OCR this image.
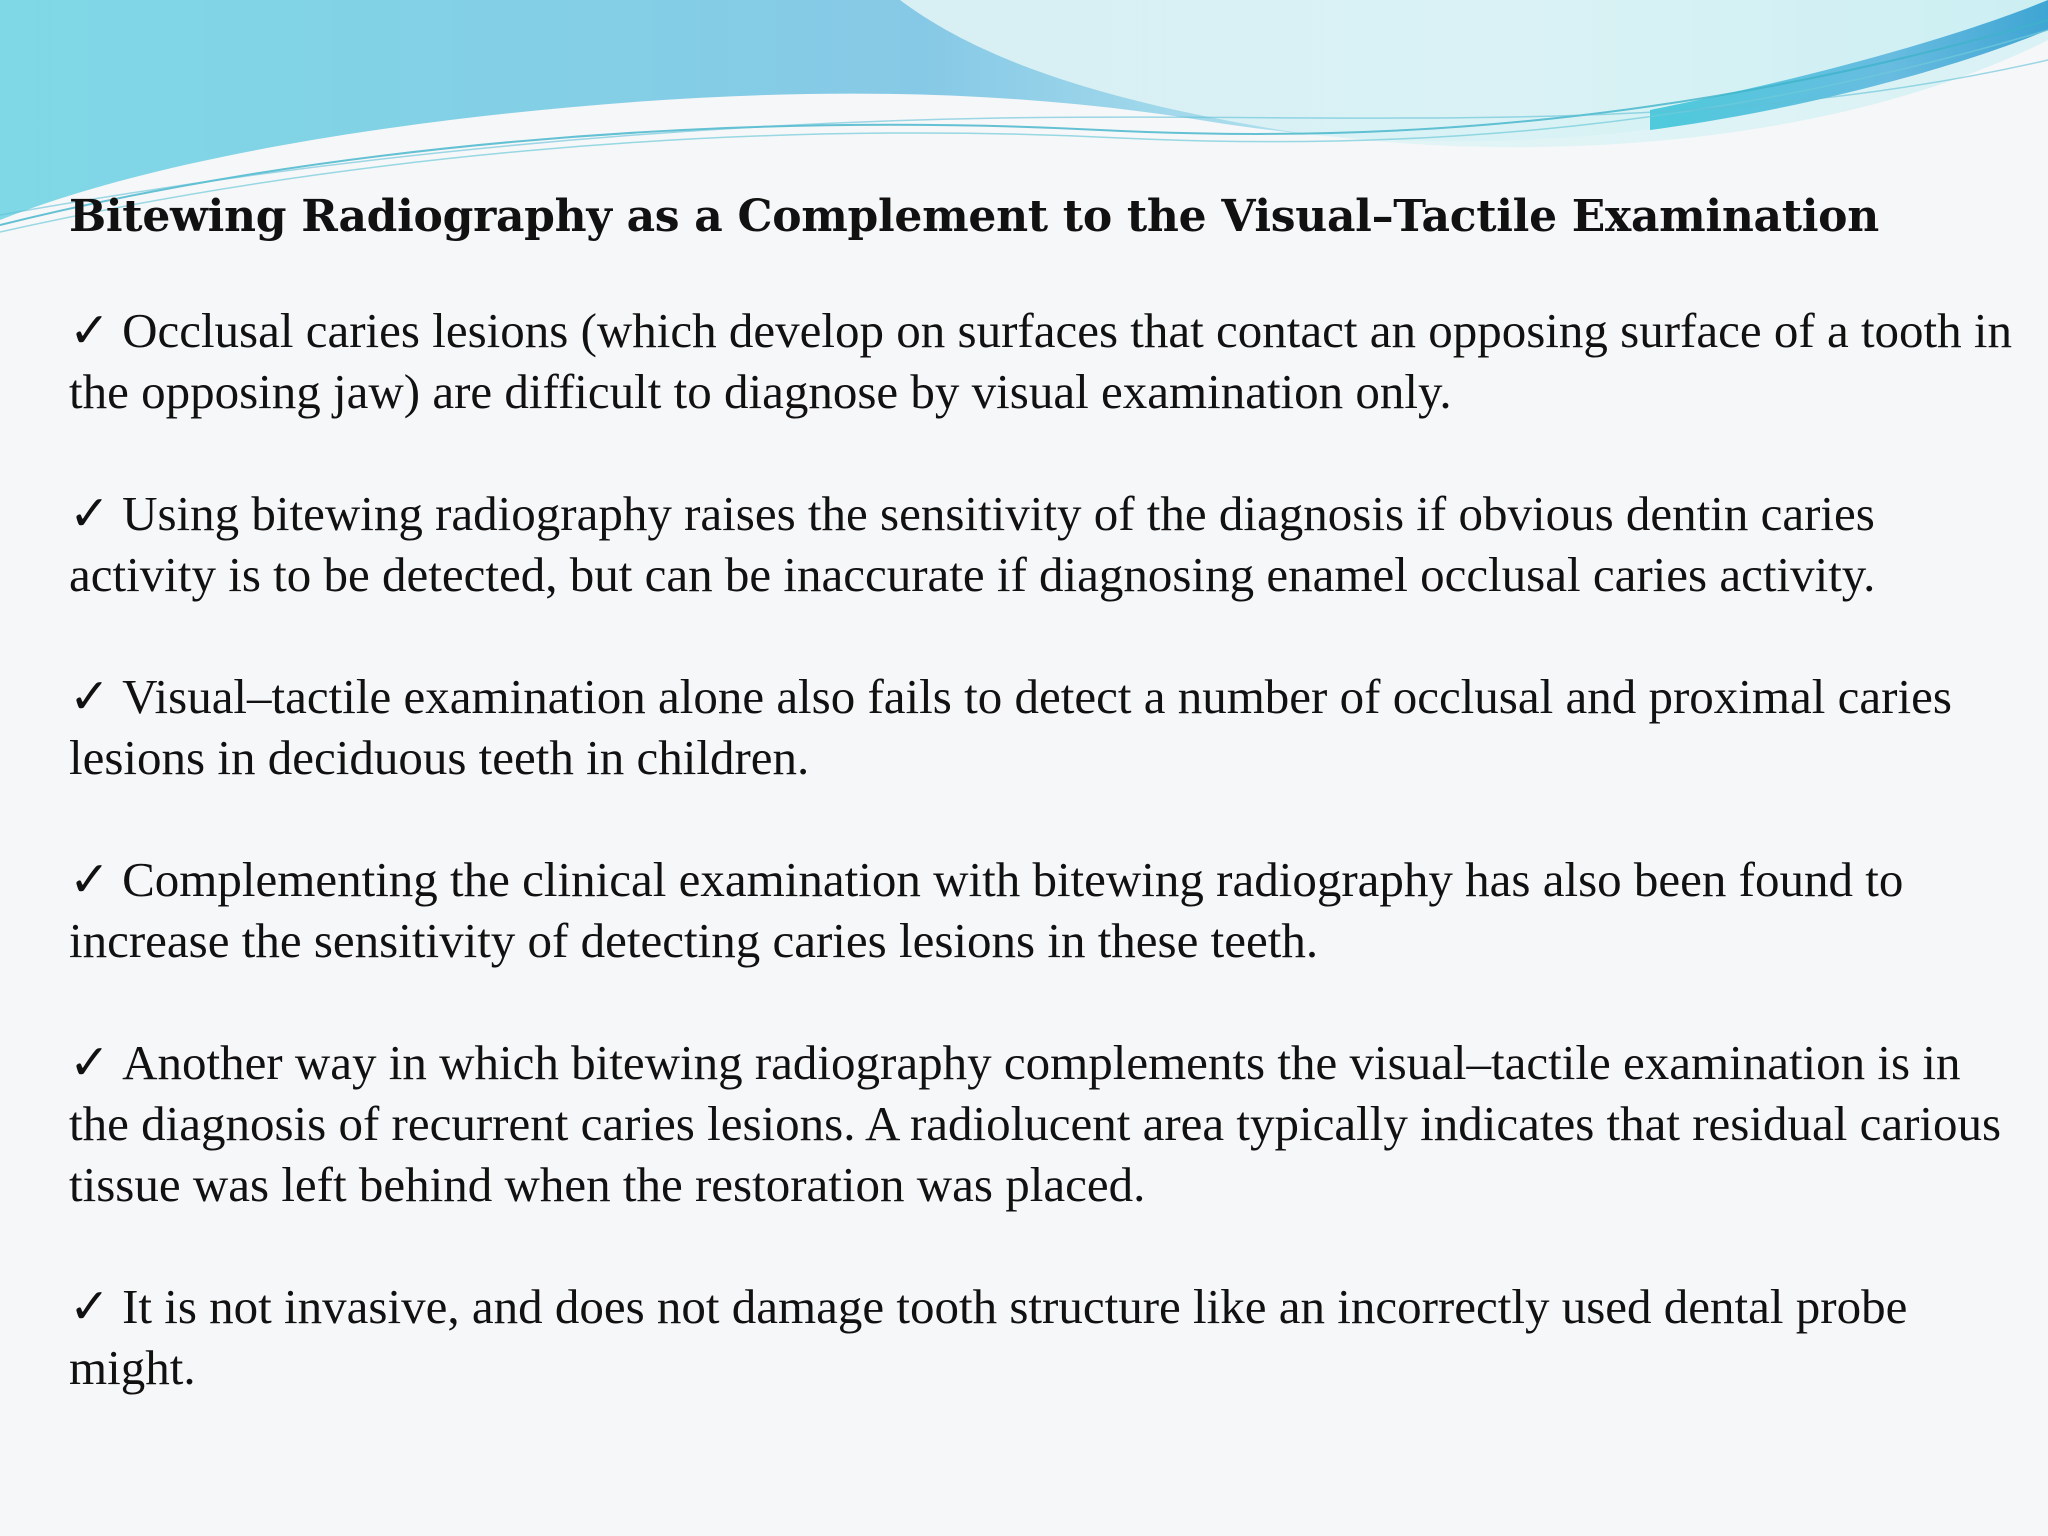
Bitewing Radiography as a Complement to the Visual–Tactile Examination
✓ Occlusal caries lesions (which develop on surfaces that contact an opposing surface of a tooth in the opposing jaw) are difficult to diagnose by visual examination only.
✓ Using bitewing radiography raises the sensitivity of the diagnosis if obvious dentin caries activity is to be detected, but can be inaccurate if diagnosing enamel occlusal caries activity.
✓ Visual–tactile examination alone also fails to detect a number of occlusal and proximal caries lesions in deciduous teeth in children.
✓ Complementing the clinical examination with bitewing radiography has also been found to increase the sensitivity of detecting caries lesions in these teeth.
✓ Another way in which bitewing radiography complements the visual–tactile examination is in the diagnosis of recurrent caries lesions. A radiolucent area typically indicates that residual carious tissue was left behind when the restoration was placed.
✓ It is not invasive, and does not damage tooth structure like an incorrectly used dental probe might.
